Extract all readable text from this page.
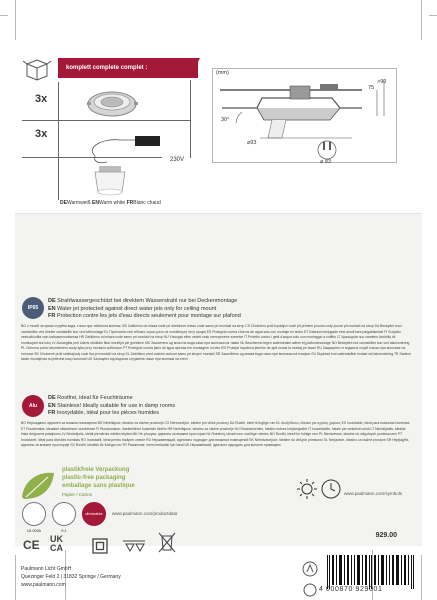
komplett complete complet :
3x
3x
230V
DEWarmweiß ENWarm white FRBlanc chaud
(mm)
75
>90
30°
⌀93
⌀ 83
IP65
DE Strahlwassergeschützt bei direktem Wasserstrahl nur bei Deckenmontage
EN Water jet protected against direct water jets only for ceiling mount
FR Protection contre les jets d'eau directs seulement pour montage sur plafond
BG с лъчей за пряка струйна вода, тонко при таблична монтаж. BS Zaštićeno od mlaza vode pri direktnom mlazu vode samo pri montaži na strop CS Chráněno proti tryskající vodě při přímém proudu vody pouze při montáži na strop DA Beskyttet mod vandstråler ved direkte vandstråle kun ved loftmontage EL Προστασία από πίδακες νερού μόνο σε τοποθέτηση στην οροφή ES Protegido contra chorros de agua solo con montaje en techo ET Kaitstud veejugade eest ainult laes paigaldamisel FI Suojattu vesisuihkuilta vain kattoasennuksessa HR Zaštićeno od mlaza vode samo pri montaži na strop HU Vízsugár ellen védett csak mennyezetre szerelve IT Protetto contro i getti d'acqua solo con montaggio a soffitto LT Apsaugota nuo vandens čiurkšlių tik montuojant ant lubų LV Aizsargāts pret ūdens strūklām tikai montējot pie griestiem MK Заштитено од млаз на вода само при монтажа на таван NL Beschermd tegen waterstralen alleen bij plafondmontage NO Beskyttet mot vannstråler kun ved takmontering PL Ochrona przed strumieniem wody tylko przy montażu sufitowym PT Protegido contra jatos de água apenas em montagem no teto RO Protejat împotriva jeturilor de apă numai la montaj pe tavan RU Защищено от водяных струй только при монтаже на потолке SK Chránené proti striekajúcej vode iba pri montáži na strop SL Zaščiteno pred vodnim curkom samo pri stropni montaži SR Заштићено од млаза воде само при монтажи на плафон SV Skyddad mot vattenstrålar endast vid takmontering TR Sadece tavan montajında su jetlerine karşı korumalı UK Захищено від водяних струменів лише при монтажі на стелі
Alu
DE Rostfrei, ideal für Feuchträume
EN Stainless! Ideally suitable for use in damp rooms
FR Inoxydable, idéal pour les pièces humides
BG Неръждаем, идеален за влажни помещения BS Nehrđajuće, idealno za vlažne prostorije CS Nerezavějící, ideální pro vlhké prostory DA Rustfri, ideel til fugtige rum EL Ανοξείδωτο, ιδανικό για υγρούς χώρους ES Inoxidable, ideal para estancias húmedas ET Roostevaba, ideaalne niisketesse ruumidesse FI Ruostumaton, ihanteellinen kosteisiin tiloihin HR Nehrđajuće, idealno za vlažne prostorije HU Rozsdamentes, ideális nedves helyiségekbe IT Inossidabile, ideale per ambienti umidi LT Nerūdijantis, idealiai tinka drėgnoms patalpoms LV Nerūsējošs, ideāli piemērots mitrām telpām MK Не рѓосува, идеално за влажни простории NL Roestvrij, ideaal voor vochtige ruimtes NO Rustfri, ideell for fuktige rom PL Nierdzewne, idealne do wilgotnych pomieszczeń PT Inoxidável, ideal para divisões húmidas RO Inoxidabil, ideal pentru încăperi umede RU Нержавеющий, идеально подходит для влажных помещений SK Nehrdzavejúce, ideálne do vlhkých priestorov SL Nerjaveče, idealno za vlažne prostore SR Нерђајуће, идеално за влажне просторије SV Rostfri, idealisk för fuktiga rum TR Paslanmaz, nemli mekanlar için ideal UK Нержавіючий, ідеально підходить для вологих приміщень
plastikfreie Verpackung
plastic-free packaging
emballage sans plastique
Papier / Carton
15.000h	9,1
dimmable	www.paulmann.com/productdata
www.paulmann.com/symbols
929.00
CE UK CA
Paulmann Licht GmbH
Quezinger Feld 2 | 31832 Springe / Germany
www.paulmann.com
4 000870 929001
